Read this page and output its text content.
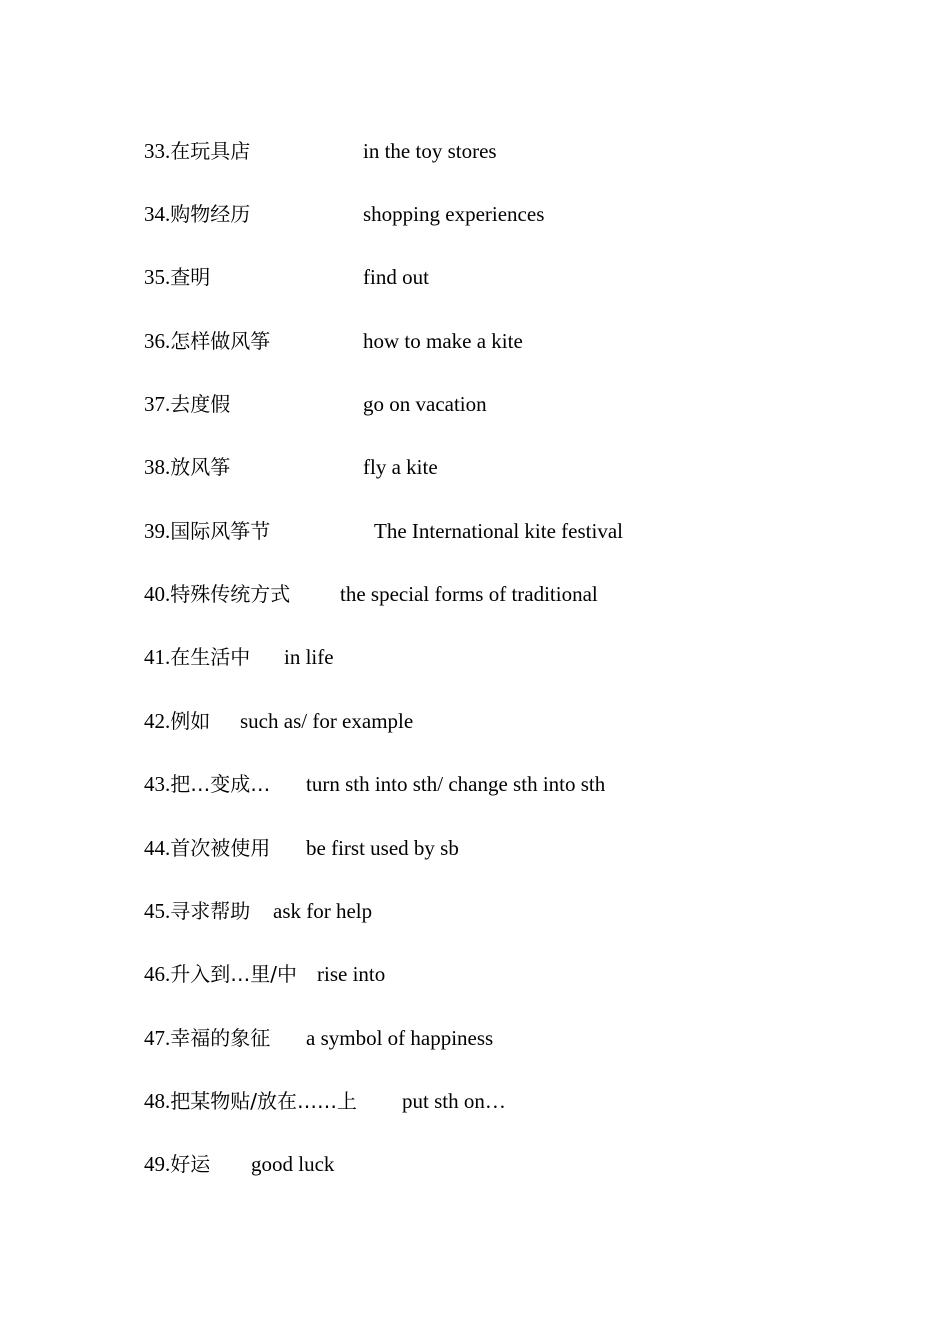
33.在玩具店	in the toy stores
34.购物经历	shopping experiences
35.查明	find out
36.怎样做风筝	how to make a kite
37.去度假	go on vacation
38.放风筝	fly a kite
39.国际风筝节	The International kite festival
40.特殊传统方式 the special forms of traditional
41.在生活中 in life
42.例如 such as/ for example
43.把…变成… turn sth into sth/ change sth into sth
44.首次被使用 be first used by sb
45.寻求帮助 ask for help
46.升入到…里/中 rise into
47.幸福的象征 a symbol of happiness
48.把某物贴/放在……上 put sth on…
49.好运 good luck
